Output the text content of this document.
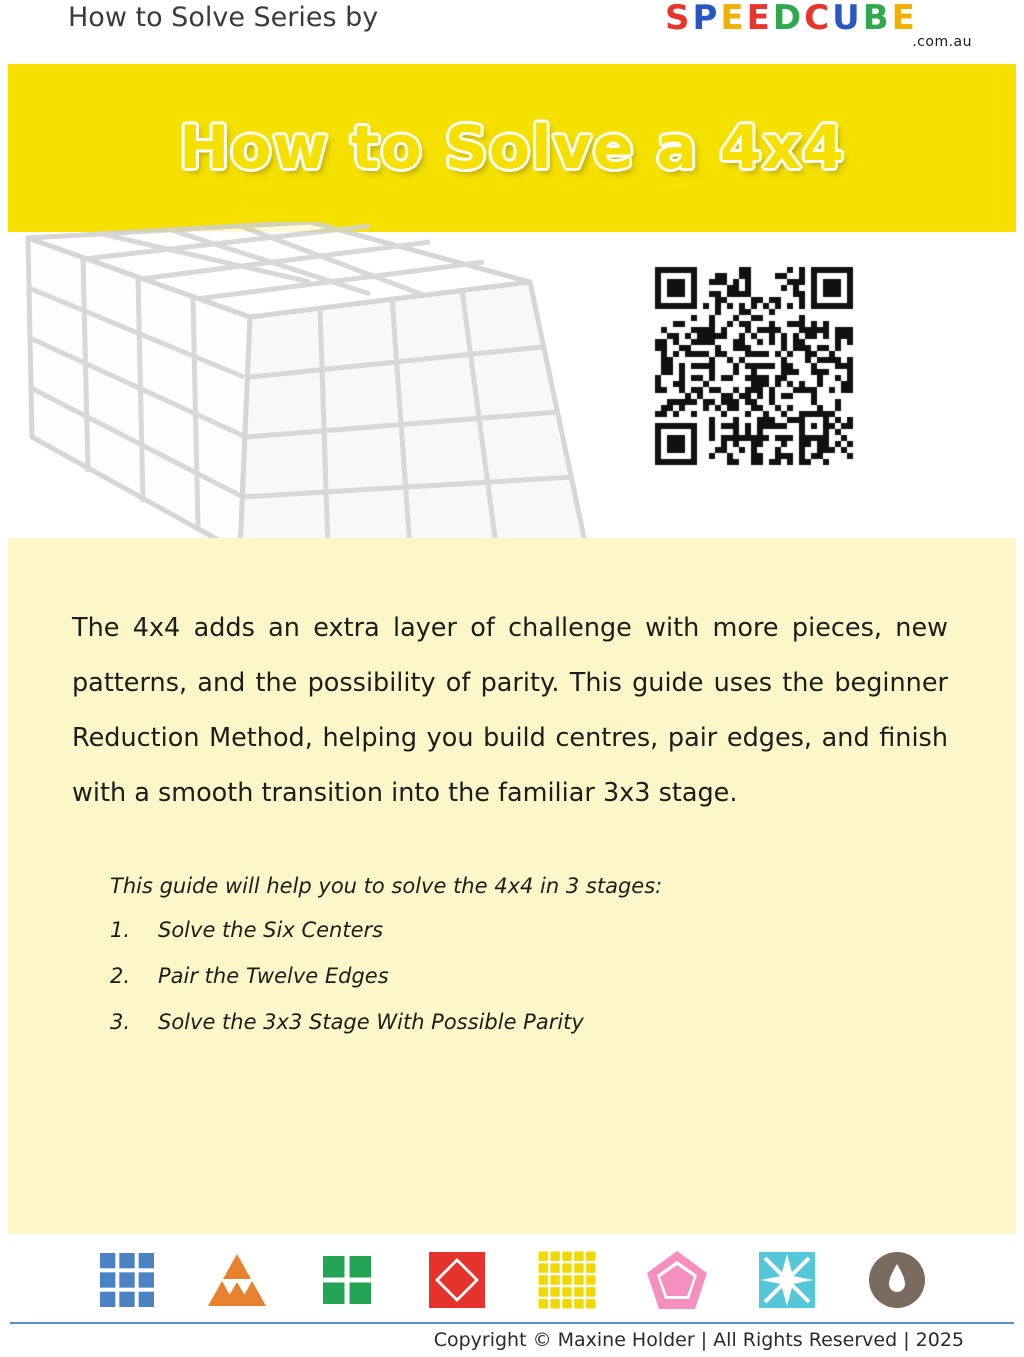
How to Solve Series by	SPEEDCUBE
.com.au
How to Solve a 4x4
The 4x4 adds an extra layer of challenge with more pieces, new patterns, and the possibility of parity. This guide uses the beginner Reduction Method, helping you build centres, pair edges, and finish with a smooth transition into the familiar 3x3 stage.
This guide will help you to solve the 4x4 in 3 stages:
1.	Solve the Six Centers
2.	Pair the Twelve Edges
3.	Solve the 3x3 Stage With Possible Parity
Copyright © Maxine Holder | All Rights Reserved | 2025
